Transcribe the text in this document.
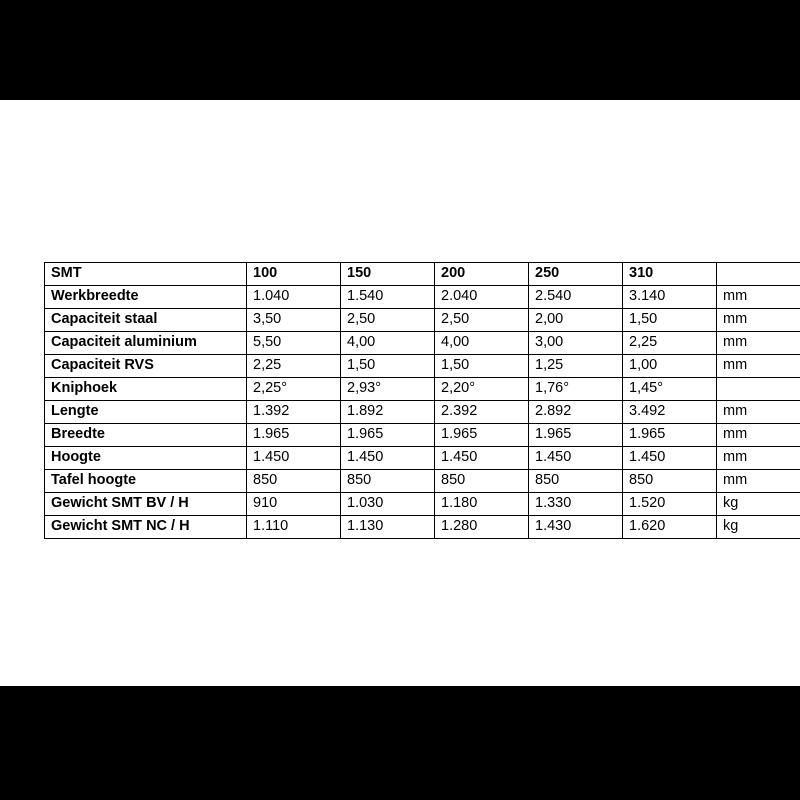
SMT	100	150	200	250	310	
Werkbreedte	1.040	1.540	2.040	2.540	3.140	mm
Capaciteit staal	3,50	2,50	2,50	2,00	1,50	mm
Capaciteit aluminium	5,50	4,00	4,00	3,00	2,25	mm
Capaciteit RVS	2,25	1,50	1,50	1,25	1,00	mm
Kniphoek	2,25°	2,93°	2,20°	1,76°	1,45°	
Lengte	1.392	1.892	2.392	2.892	3.492	mm
Breedte	1.965	1.965	1.965	1.965	1.965	mm
Hoogte	1.450	1.450	1.450	1.450	1.450	mm
Tafel hoogte	850	850	850	850	850	mm
Gewicht SMT BV / H	910	1.030	1.180	1.330	1.520	kg
Gewicht SMT NC / H	1.110	1.130	1.280	1.430	1.620	kg
